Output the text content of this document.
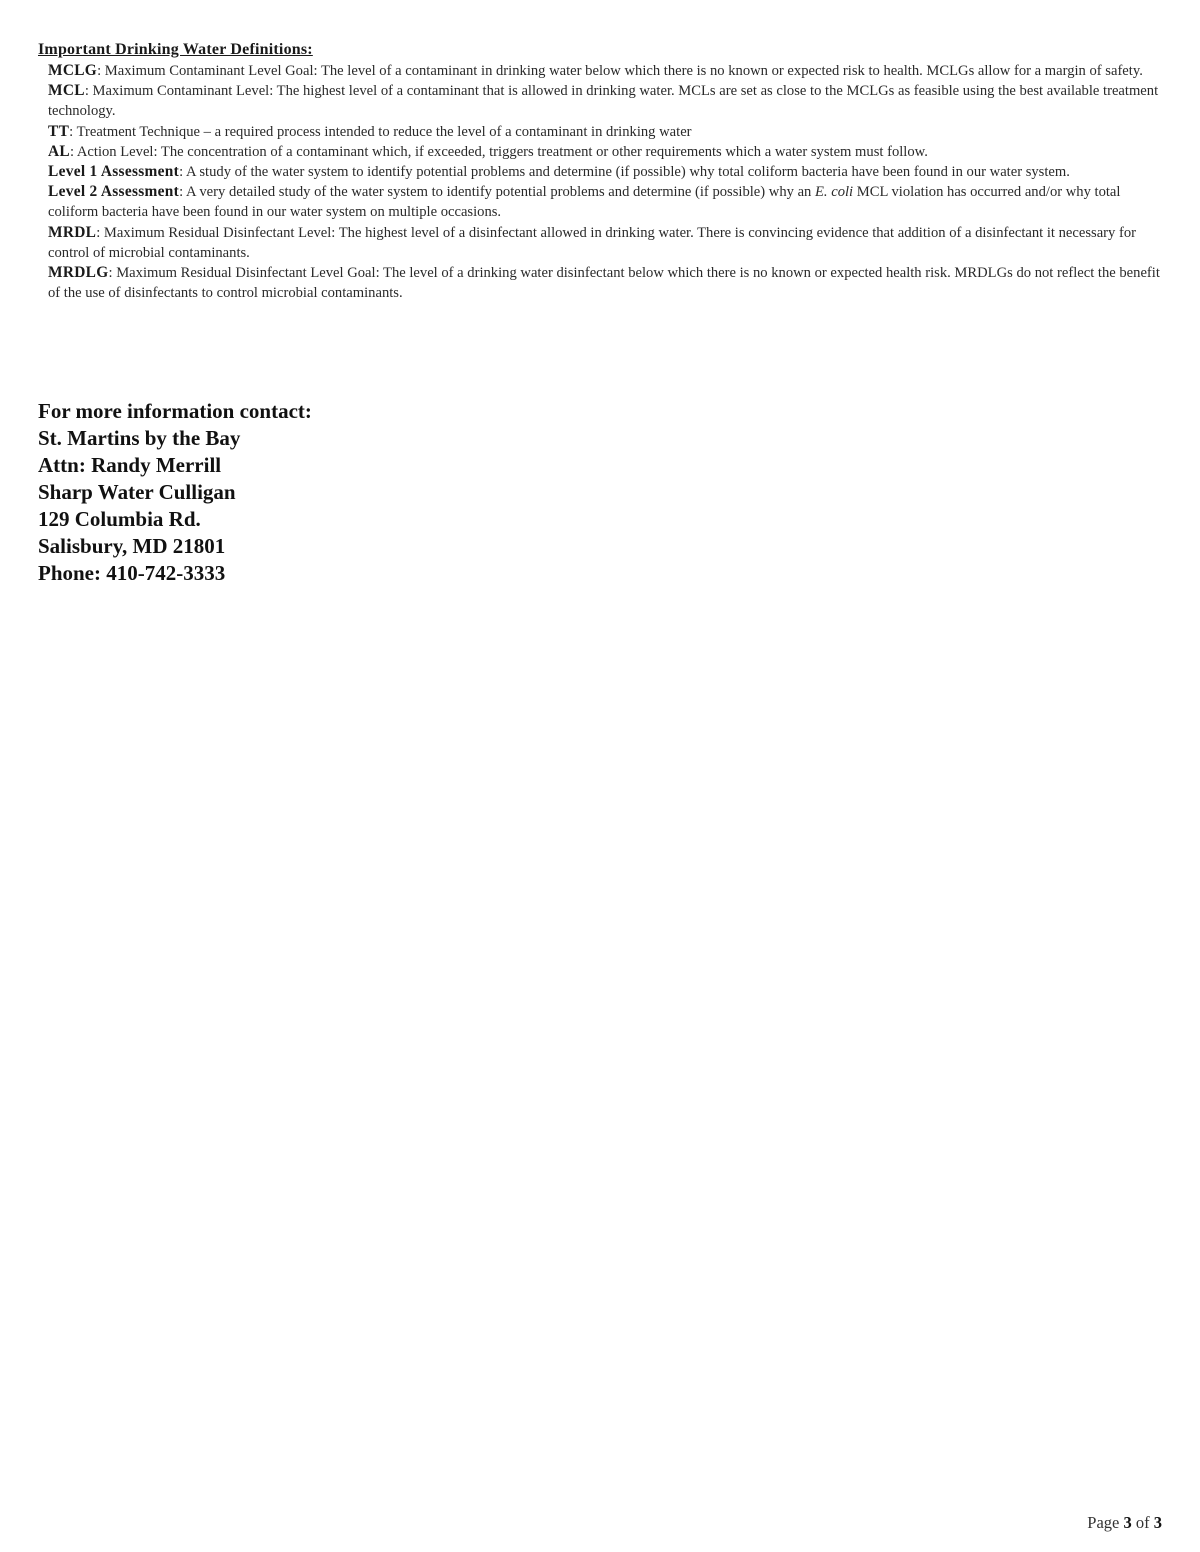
Important Drinking Water Definitions:

MCLG: Maximum Contaminant Level Goal: The level of a contaminant in drinking water below which there is no known or expected risk to health. MCLGs allow for a margin of safety.

MCL: Maximum Contaminant Level: The highest level of a contaminant that is allowed in drinking water. MCLs are set as close to the MCLGs as feasible using the best available treatment technology.

TT: Treatment Technique – a required process intended to reduce the level of a contaminant in drinking water

AL: Action Level: The concentration of a contaminant which, if exceeded, triggers treatment or other requirements which a water system must follow.

Level 1 Assessment: A study of the water system to identify potential problems and determine (if possible) why total coliform bacteria have been found in our water system.

Level 2 Assessment: A very detailed study of the water system to identify potential problems and determine (if possible) why an E. coli MCL violation has occurred and/or why total coliform bacteria have been found in our water system on multiple occasions.

MRDL: Maximum Residual Disinfectant Level: The highest level of a disinfectant allowed in drinking water. There is convincing evidence that addition of a disinfectant it necessary for control of microbial contaminants.

MRDLG: Maximum Residual Disinfectant Level Goal: The level of a drinking water disinfectant below which there is no known or expected health risk. MRDLGs do not reflect the benefit of the use of disinfectants to control microbial contaminants.

For more information contact:

St. Martins by the Bay

Attn: Randy Merrill

Sharp Water Culligan

129 Columbia Rd.

Salisbury, MD 21801

Phone: 410-742-3333

Page 3 of 3
